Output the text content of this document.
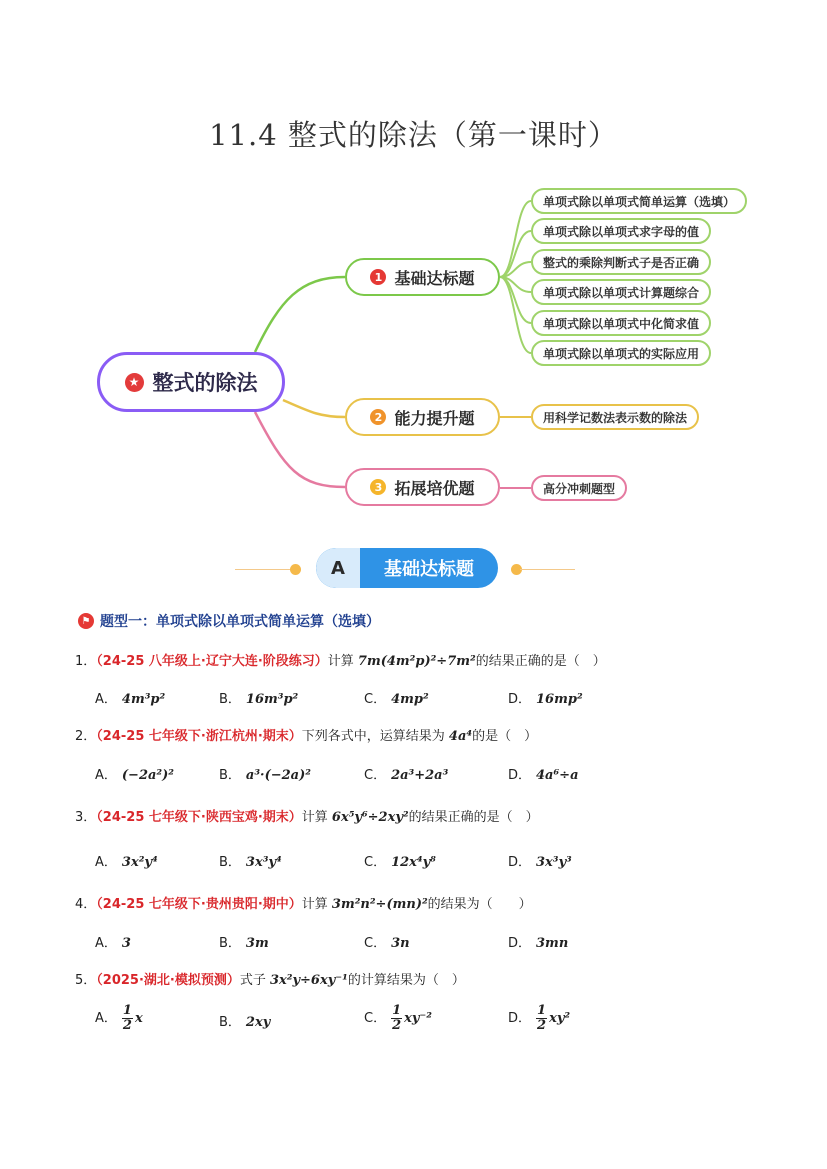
11.4 整式的除法（第一课时）
★ 整式的除法
1 基础达标题
2 能力提升题
3 拓展培优题
单项式除以单项式简单运算（选填）
单项式除以单项式求字母的值
整式的乘除判断式子是否正确
单项式除以单项式计算题综合
单项式除以单项式中化简求值
单项式除以单项式的实际应用
用科学记数法表示数的除法
高分冲刺题型
A	基础达标题
⚑ 题型一：单项式除以单项式简单运算（选填）
1．（24-25 八年级上·辽宁大连·阶段练习）计算 7m(4m²p)²÷7m²的结果正确的是（　）
A． 4m³p²	B． 16m³p²	C． 4mp²	D． 16mp²
2．（24-25 七年级下·浙江杭州·期末）下列各式中，运算结果为 4a⁴的是（　）
A． (−2a²)²	B． a³·(−2a)²	C． 2a³+2a³	D． 4a⁶÷a
3．（24-25 七年级下·陕西宝鸡·期末）计算 6x⁵y⁶÷2xy²的结果正确的是（　）
A． 3x²y⁴	B． 3x³y⁴	C． 12x⁴y⁸	D． 3x³y³
4．（24-25 七年级下·贵州贵阳·期中）计算 3m²n²÷(mn)²的结果为（　　）
A． 3	B． 3m	C． 3n	D． 3mn
5．（2025·湖北·模拟预测）式子 3x²y÷6xy⁻¹的计算结果为（　）
A． $\frac{1}{2}$ x	B． 2xy	C． $\frac{1}{2} xy^{-2}$	D． $\frac{1}{2} xy^2$
